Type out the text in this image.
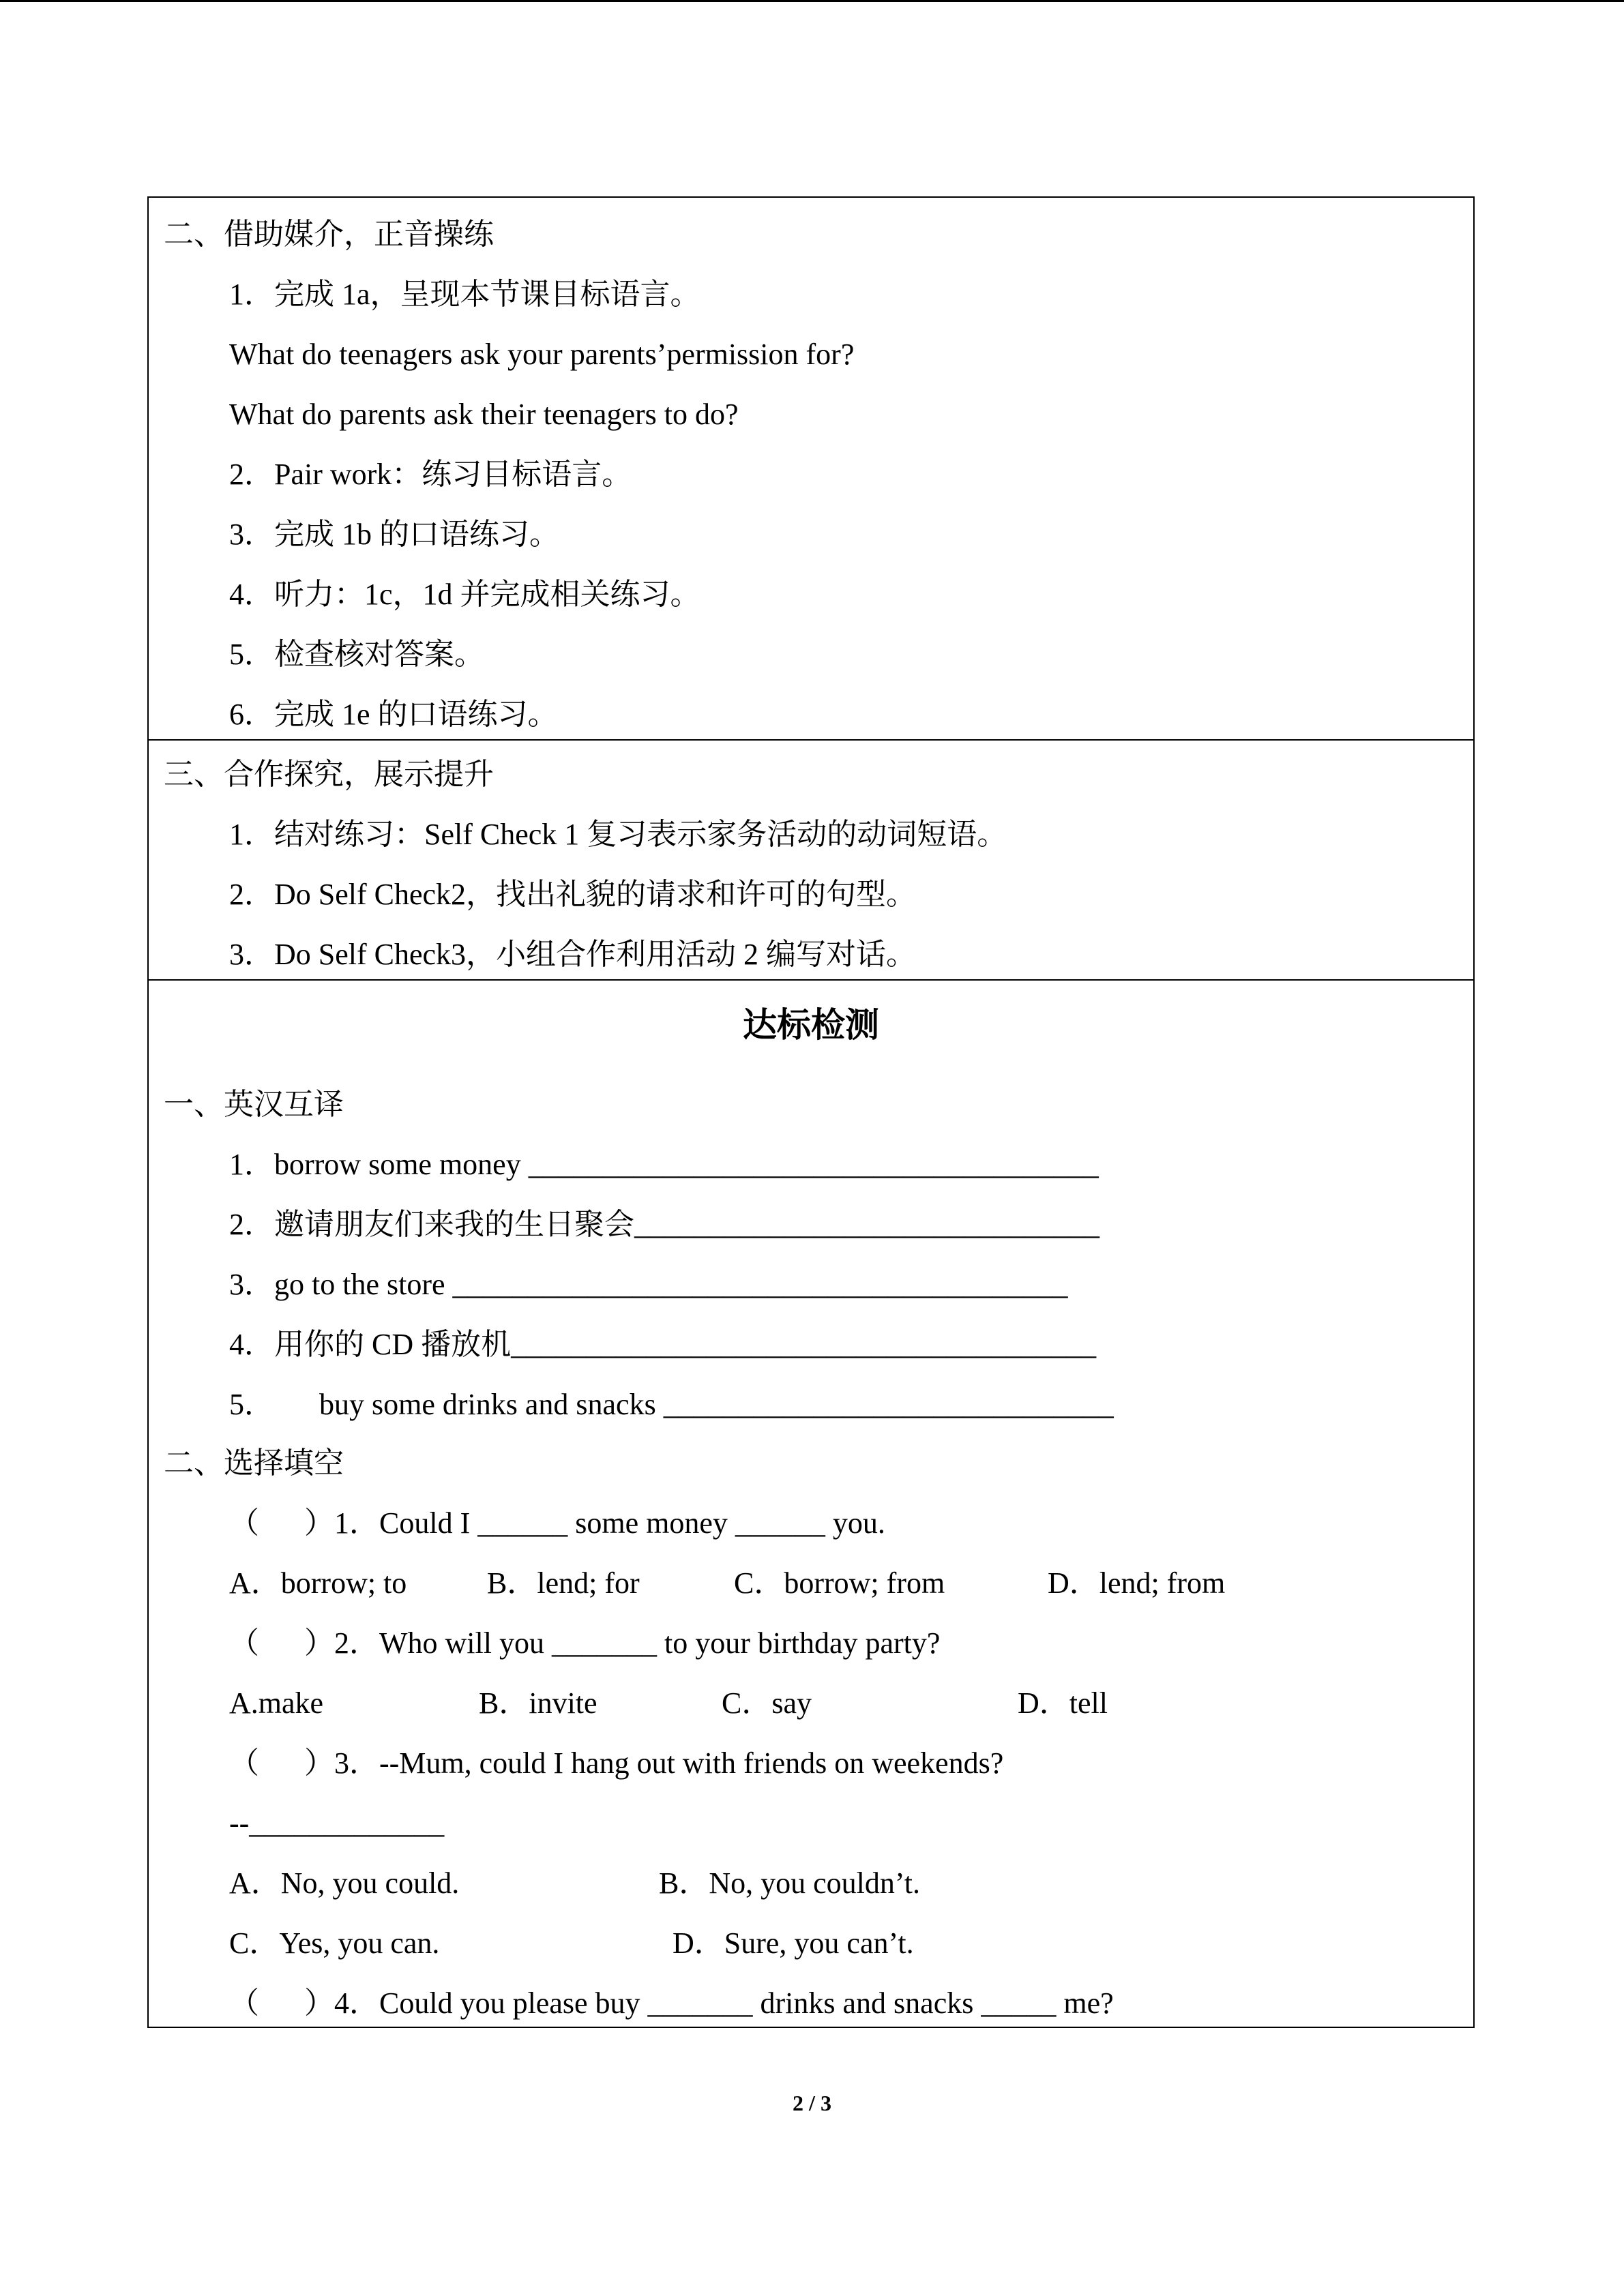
二、借助媒介，正音操练
1．完成 1a，呈现本节课目标语言。
What do teenagers ask your parents’permission for?
What do parents ask their teenagers to do?
2．Pair work：练习目标语言。
3．完成 1b 的口语练习。
4．听力：1c，1d 并完成相关练习。
5．检查核对答案。
6．完成 1e 的口语练习。
三、合作探究，展示提升
1．结对练习：Self Check 1 复习表示家务活动的动词短语。
2．Do Self Check2，找出礼貌的请求和许可的句型。
3．Do Self Check3，小组合作利用活动 2 编写对话。
达标检测
一、英汉互译
1．borrow some money ______________________________________
2．邀请朋友们来我的生日聚会_______________________________
3．go to the store _________________________________________
4．用你的 CD 播放机_______________________________________
5．      buy some drinks and snacks ______________________________
二、选择填空
（      ）1．Could I ______ some money ______ you.
A．borrow; to	B．lend; for	C．borrow; from	D．lend; from
（      ）2．Who will you _______ to your birthday party?
A.make	B．invite	C．say	D．tell
（      ）3．--Mum, could I hang out with friends on weekends?
--_____________
A．No, you could.	B．No, you couldn’t.
C．Yes, you can.	D．Sure, you can’t.
（      ）4．Could you please buy _______ drinks and snacks _____ me?
2 / 3
